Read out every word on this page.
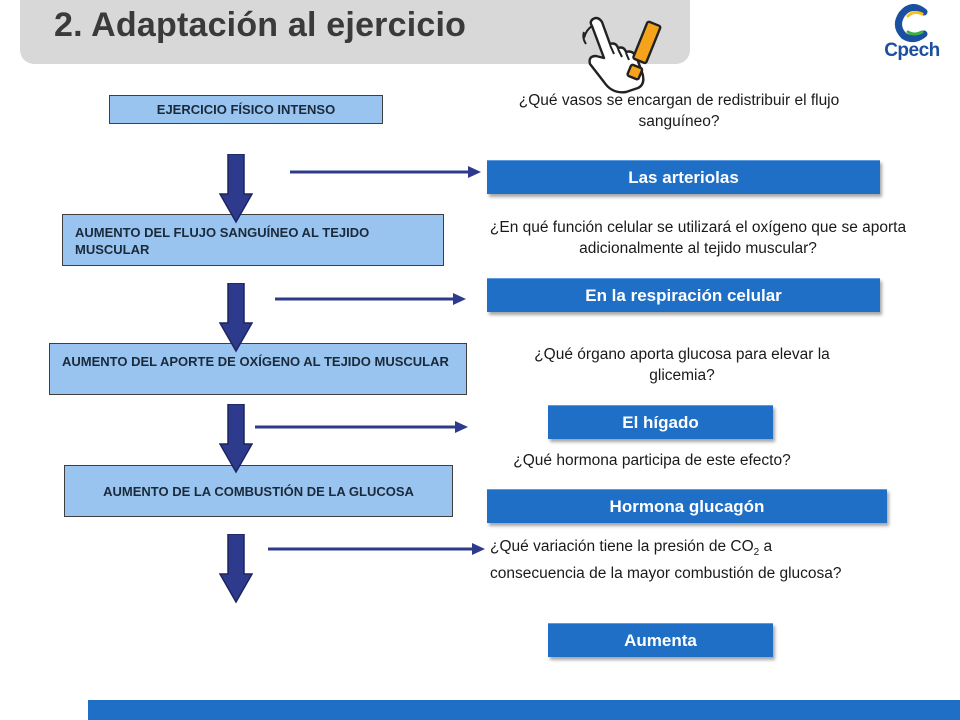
2. Adaptación al ejercicio
Cpech
EJERCICIO FÍSICO INTENSO
AUMENTO DEL FLUJO SANGUÍNEO AL TEJIDO MUSCULAR
AUMENTO DEL APORTE DE OXÍGENO AL TEJIDO MUSCULAR
AUMENTO DE LA COMBUSTIÓN DE LA GLUCOSA
¿Qué vasos se encargan de redistribuir el flujo sanguíneo?
¿En qué función celular se utilizará el oxígeno que se aporta adicionalmente al tejido muscular?
¿Qué órgano aporta glucosa para elevar la glicemia?
¿Qué hormona participa de este efecto?
¿Qué variación tiene la presión de $CO_2$ a consecuencia de la mayor combustión de glucosa?
Las arteriolas
En la respiración celular
El hígado
Hormona glucagón
Aumenta
